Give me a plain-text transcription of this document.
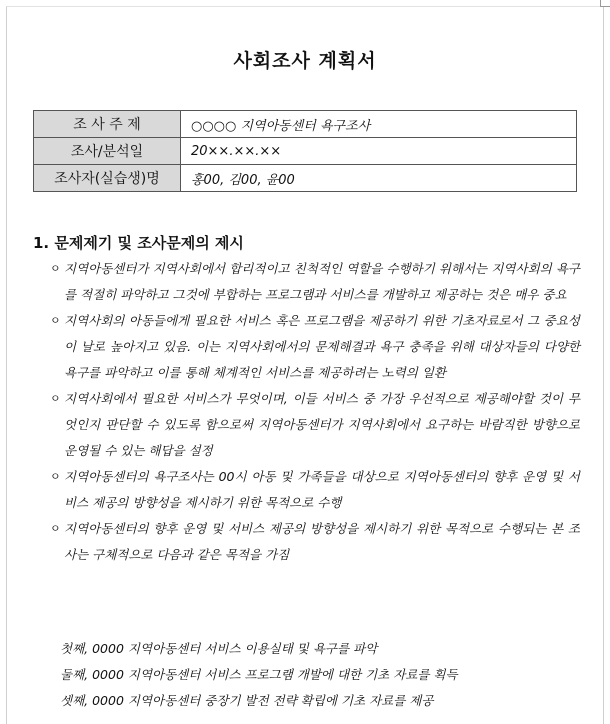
사회조사 계획서
조 사 주 제	○○○○ 지역아동센터 욕구조사
조사/분석일	20××.××.××
조사자(실습생)명	홍00, 김00, 윤00
1. 문제제기 및 조사문제의 제시
ㅇ 지역아동센터가 지역사회에서 합리적이고 친척적인 역할을 수행하기 위해서는 지역사회의 욕구를 적절히 파악하고 그것에 부합하는 프로그램과 서비스를 개발하고 제공하는 것은 매우 중요
ㅇ 지역사회의 아동들에게 필요한 서비스 혹은 프로그램을 제공하기 위한 기초자료로서 그 중요성이 날로 높아지고 있음. 이는 지역사회에서의 문제해결과 욕구 충족을 위해 대상자들의 다양한 욕구를 파악하고 이를 통해 체계적인 서비스를 제공하려는 노력의 일환
ㅇ 지역사회에서 필요한 서비스가 무엇이며, 이들 서비스 중 가장 우선적으로 제공해야할 것이 무엇인지 판단할 수 있도록 함으로써 지역아동센터가 지역사회에서 요구하는 바람직한 방향으로 운영될 수 있는 해답을 설정
ㅇ 지역아동센터의 욕구조사는 00시 아동 및 가족들을 대상으로 지역아동센터의 향후 운영 및 서비스 제공의 방향성을 제시하기 위한 목적으로 수행
ㅇ 지역아동센터의 향후 운영 및 서비스 제공의 방향성을 제시하기 위한 목적으로 수행되는 본 조사는 구체적으로 다음과 같은 목적을 가짐
첫째, 0000 지역아동센터 서비스 이용실태 및 욕구를 파악
둘째, 0000 지역아동센터 서비스 프로그램 개발에 대한 기초 자료를 획득
셋째, 0000 지역아동센터 중장기 발전 전략 확립에 기초 자료를 제공
